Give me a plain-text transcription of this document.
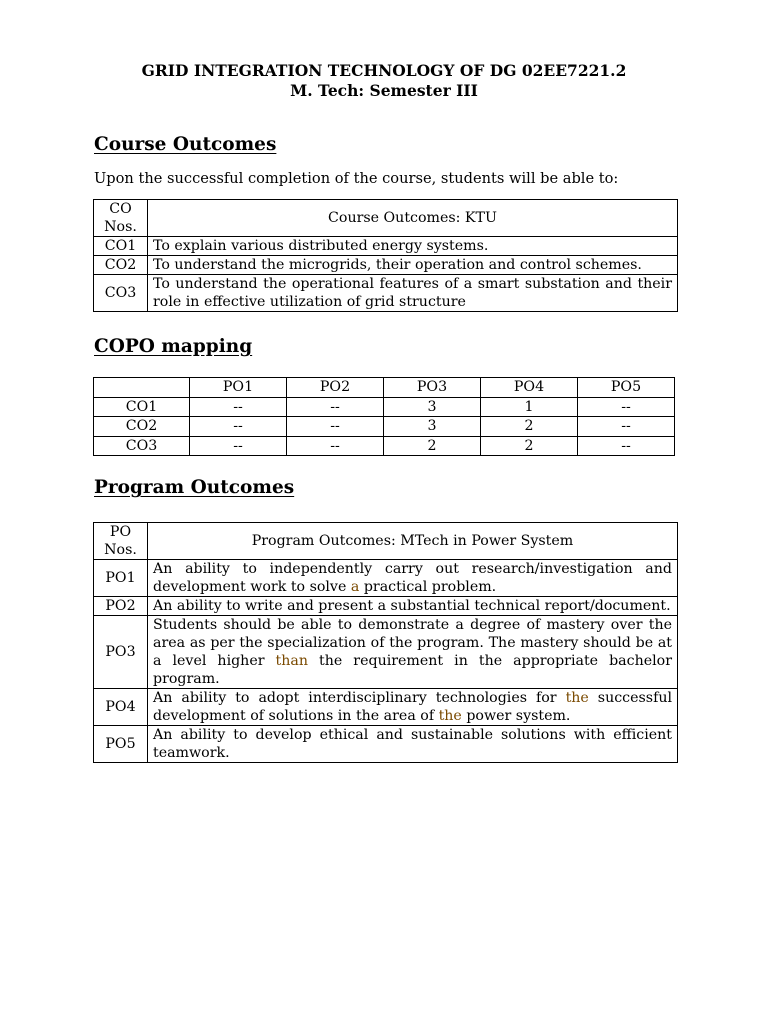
GRID INTEGRATION TECHNOLOGY OF DG 02EE7221.2
M. Tech: Semester III
Course Outcomes
Upon the successful completion of the course, students will be able to:
CO
Nos.	Course Outcomes: KTU
CO1	To explain various distributed energy systems.
CO2	To understand the microgrids, their operation and control schemes.
CO3	To understand the operational features of a smart substation and their role in effective utilization of grid structure
COPO mapping
	PO1	PO2	PO3	PO4	PO5
CO1	--	--	3	1	--
CO2	--	--	3	2	--
CO3	--	--	2	2	--
Program Outcomes
PO
Nos.	Program Outcomes: MTech in Power System
PO1	An ability to independently carry out research/investigation and development work to solve a practical problem.
PO2	An ability to write and present a substantial technical report/document.
PO3	Students should be able to demonstrate a degree of mastery over the area as per the specialization of the program. The mastery should be at a level higher than the requirement in the appropriate bachelor program.
PO4	An ability to adopt interdisciplinary technologies for the successful development of solutions in the area of the power system.
PO5	An ability to develop ethical and sustainable solutions with efficient teamwork.
